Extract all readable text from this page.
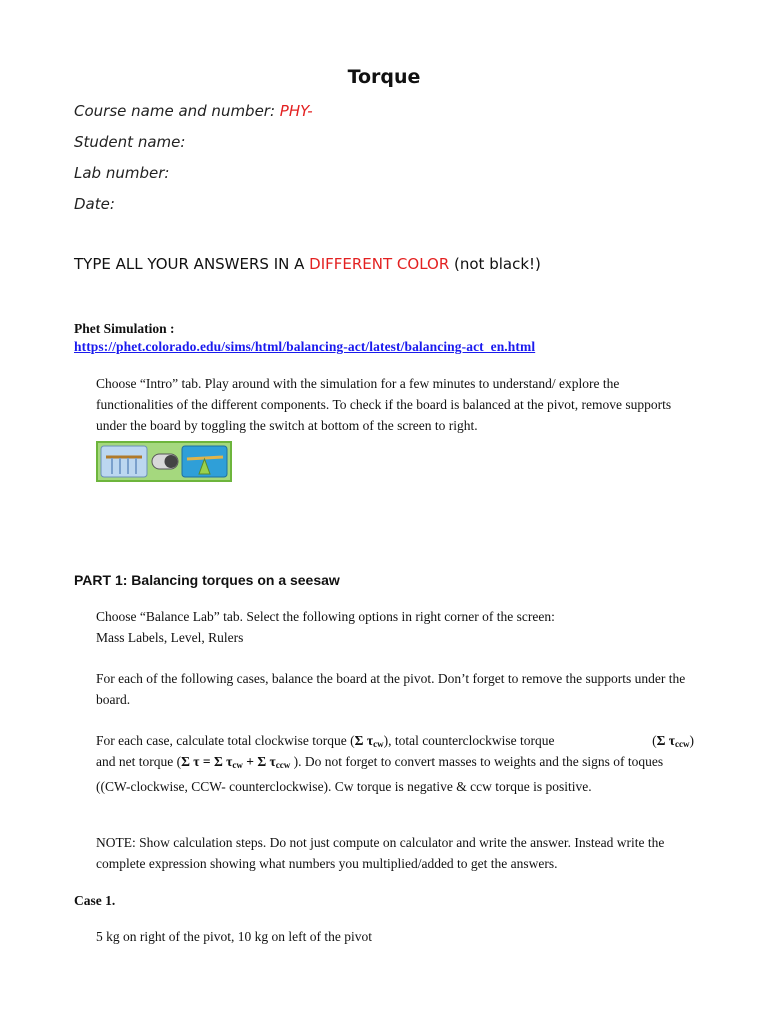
Torque
Course name and number: PHY-
Student name:
Lab number:
Date:
TYPE ALL YOUR ANSWERS IN A DIFFERENT COLOR (not black!)
Phet Simulation :
https://phet.colorado.edu/sims/html/balancing-act/latest/balancing-act_en.html

Choose “Intro” tab. Play around with the simulation for a few minutes to understand/ explore the functionalities of the different components. To check if the board is balanced at the pivot, remove supports under the board by toggling the switch at bottom of the screen to right.

PART 1: Balancing torques on a seesaw
Choose “Balance Lab” tab. Select the following options in right corner of the screen:
Mass Labels, Level, Rulers

For each of the following cases, balance the board at the pivot. Don’t forget to remove the supports under the board.

For each case, calculate total clockwise torque (Σ $\tau_{cw}$), total counterclockwise torque	(Σ $\tau_{ccw}$)
and net torque (Σ τ = Σ $\tau_{cw} + \Sigma$ $\tau_{ccw}$ ). Do not forget to convert masses to weights and the signs of toques ((CW-clockwise, CCW- counterclockwise). Cw torque is negative & ccw torque is positive.

NOTE: Show calculation steps. Do not just compute on calculator and write the answer. Instead write the complete expression showing what numbers you multiplied/added to get the answers.

Case 1.

5 kg on right of the pivot, 10 kg on left of the pivot
